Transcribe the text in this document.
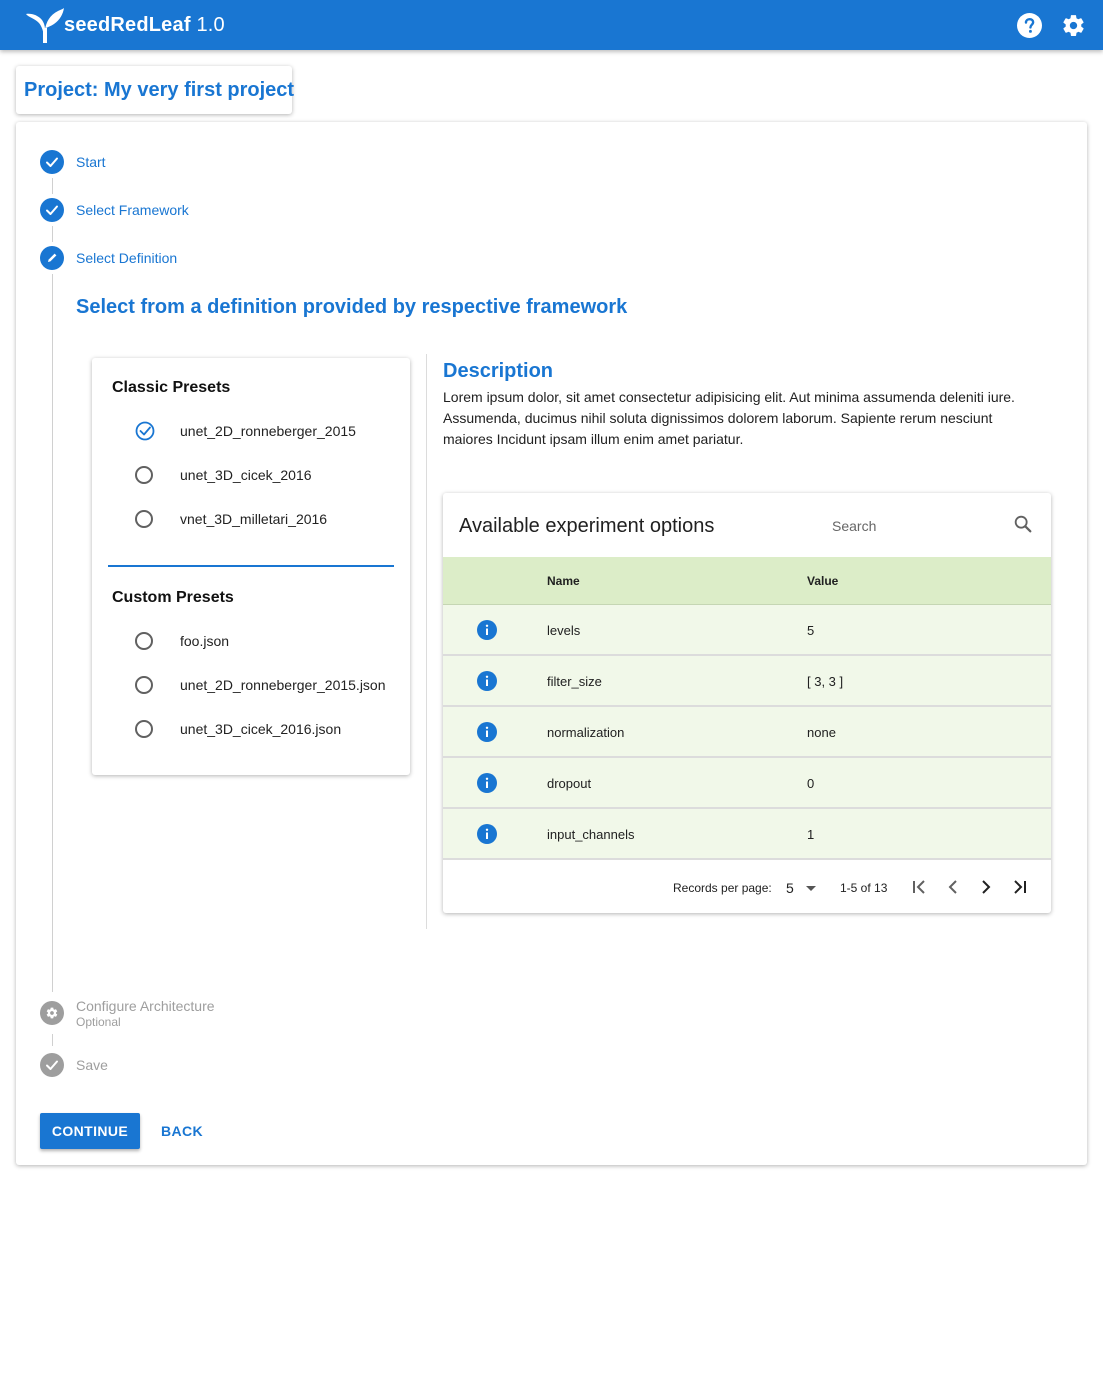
seedRedLeaf 1.0
Project: My very first project
Start
Select Framework
Select Definition
Select from a definition provided by respective framework
Classic Presets
unet_2D_ronneberger_2015
unet_3D_cicek_2016
vnet_3D_milletari_2016
Custom Presets
foo.json
unet_2D_ronneberger_2015.json
unet_3D_cicek_2016.json
Description
Lorem ipsum dolor, sit amet consectetur adipisicing elit. Aut minima assumenda deleniti iure. Assumenda, ducimus nihil soluta dignissimos dolorem laborum. Sapiente rerum nesciunt maiores Incidunt ipsam illum enim amet pariatur.
Available experiment options
Search
Name	Value
levels	5
filter_size	[ 3, 3 ]
normalization	none
dropout	0
input_channels	1
Records per page: 5	1-5 of 13
Configure Architecture
Optional
Save
CONTINUE	BACK
